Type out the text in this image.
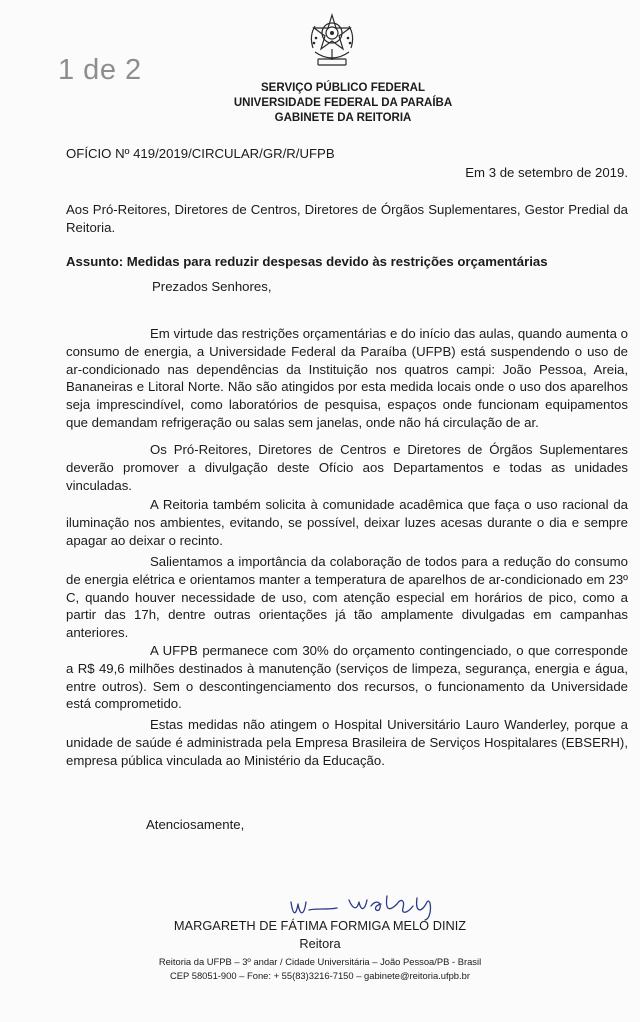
1 de 2
SERVIÇO PÚBLICO FEDERAL
UNIVERSIDADE FEDERAL DA PARAÍBA
GABINETE DA REITORIA
OFÍCIO Nº 419/2019/CIRCULAR/GR/R/UFPB
Em 3 de setembro de 2019.
Aos Pró-Reitores, Diretores de Centros, Diretores de Órgãos Suplementares, Gestor Predial da Reitoria.
Assunto: Medidas para reduzir despesas devido às restrições orçamentárias
Prezados Senhores,

Em virtude das restrições orçamentárias e do início das aulas, quando aumenta o consumo de energia, a Universidade Federal da Paraíba (UFPB) está suspendendo o uso de ar-condicionado nas dependências da Instituição nos quatros campi: João Pessoa, Areia, Bananeiras e Litoral Norte. Não são atingidos por esta medida locais onde o uso dos aparelhos seja imprescindível, como laboratórios de pesquisa, espaços onde funcionam equipamentos que demandam refrigeração ou salas sem janelas, onde não há circulação de ar.

Os Pró-Reitores, Diretores de Centros e Diretores de Órgãos Suplementares deverão promover a divulgação deste Ofício aos Departamentos e todas as unidades vinculadas.

A Reitoria também solicita à comunidade acadêmica que faça o uso racional da iluminação nos ambientes, evitando, se possível, deixar luzes acesas durante o dia e sempre apagar ao deixar o recinto.

Salientamos a importância da colaboração de todos para a redução do consumo de energia elétrica e orientamos manter a temperatura de aparelhos de ar-condicionado em 23º C, quando houver necessidade de uso, com atenção especial em horários de pico, como a partir das 17h, dentre outras orientações já tão amplamente divulgadas em campanhas anteriores.

A UFPB permanece com 30% do orçamento contingenciado, o que corresponde a R$ 49,6 milhões destinados à manutenção (serviços de limpeza, segurança, energia e água, entre outros). Sem o descontingenciamento dos recursos, o funcionamento da Universidade está comprometido.

Estas medidas não atingem o Hospital Universitário Lauro Wanderley, porque a unidade de saúde é administrada pela Empresa Brasileira de Serviços Hospitalares (EBSERH), empresa pública vinculada ao Ministério da Educação.

Atenciosamente,
MARGARETH DE FÁTIMA FORMIGA MELO DINIZ
Reitora
Reitoria da UFPB – 3º andar / Cidade Universitária – João Pessoa/PB - Brasil
CEP 58051-900 – Fone: + 55(83)3216-7150 – gabinete@reitoria.ufpb.br
